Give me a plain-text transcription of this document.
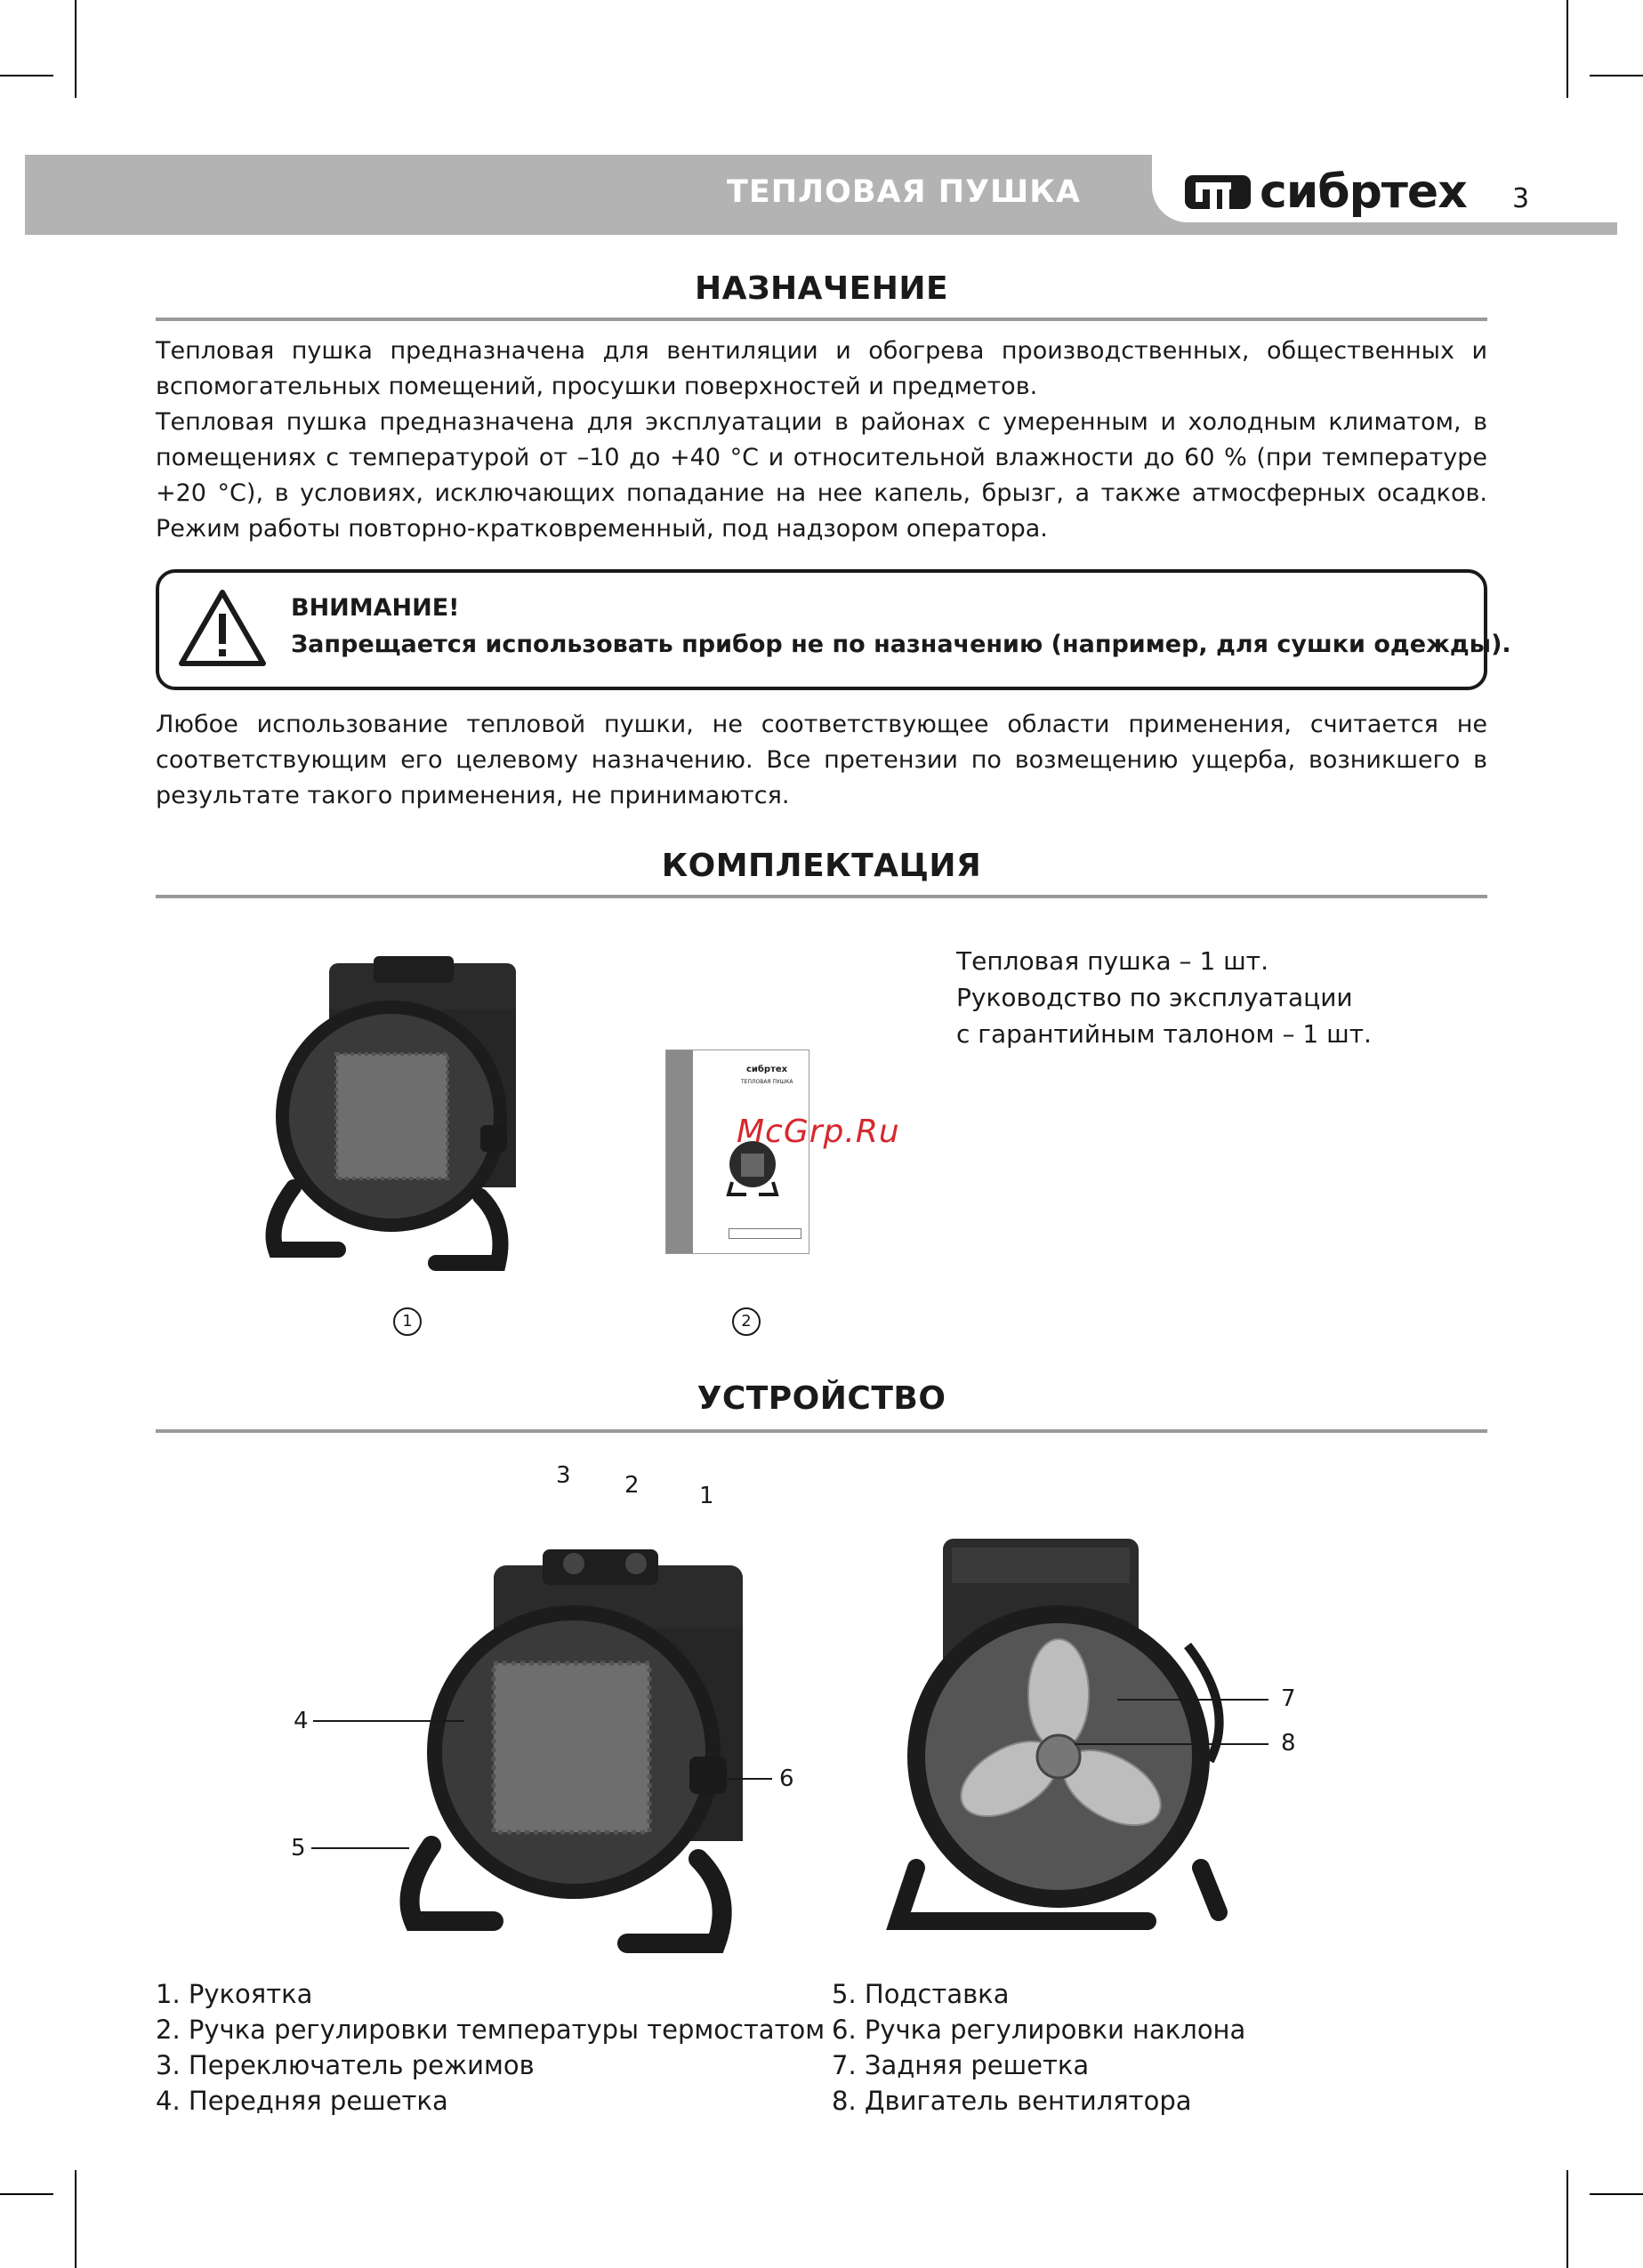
ТЕПЛОВАЯ ПУШКА	сибртех 3
НАЗНАЧЕНИЕ

Тепловая пушка предназначена для вентиляции и обогрева производственных, общественных и вспомогательных помещений, просушки поверхностей и предметов.

Тепловая пушка предназначена для эксплуатации в районах с умеренным и холодным климатом, в помещениях с температурой от –10 до +40 °С и относительной влажности до 60 % (при температуре +20 °С), в условиях, исключающих попадание на нее капель, брызг, а также атмосферных осадков. Режим работы повторно-кратковременный, под надзором оператора.

ВНИМАНИЕ!
Запрещается использовать прибор не по назначению (например, для сушки одежды).

Любое использование тепловой пушки, не соответствующее области применения, считается не соответствующим его целевому назначению. Все претензии по возмещению ущерба, возникшего в результате такого применения, не принимаются.

КОМПЛЕКТАЦИЯ
1
сибртех
ТЕПЛОВАЯ ПУШКА
2
McGrp.Ru
Тепловая пушка – 1 шт.
Руководство по эксплуатации
с гарантийным талоном – 1 шт.
УСТРОЙСТВО
3 2	1
4
5
6
7
8
1. Рукоятка
2. Ручка регулировки температуры термостатом
3. Переключатель режимов
4. Передняя решетка
5. Подставка
6. Ручка регулировки наклона
7. Задняя решетка
8. Двигатель вентилятора
